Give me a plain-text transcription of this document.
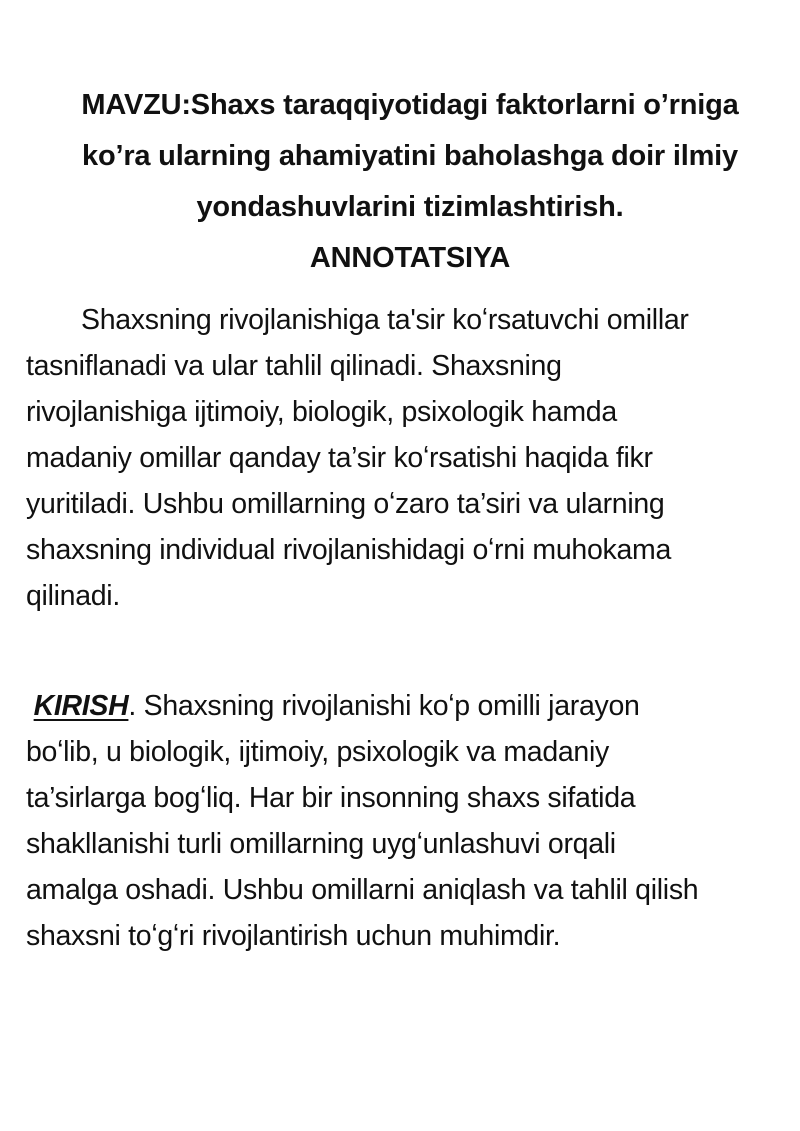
MAVZU:Shaxs taraqqiyotidagi faktorlarni o’rniga
ko’ra ularning ahamiyatini baholashga doir ilmiy
yondashuvlarini tizimlashtirish.
ANNOTATSIYA
Shaxsning rivojlanishiga ta'sir koʻrsatuvchi omillar
tasniflanadi va ular tahlil qilinadi. Shaxsning
rivojlanishiga ijtimoiy, biologik, psixologik hamda
madaniy omillar qanday ta’sir koʻrsatishi haqida fikr
yuritiladi. Ushbu omillarning oʻzaro ta’siri va ularning
shaxsning individual rivojlanishidagi oʻrni muhokama
qilinadi.
KIRISH. Shaxsning rivojlanishi koʻp omilli jarayon
boʻlib, u biologik, ijtimoiy, psixologik va madaniy
ta’sirlarga bogʻliq. Har bir insonning shaxs sifatida
shakllanishi turli omillarning uygʻunlashuvi orqali
amalga oshadi. Ushbu omillarni aniqlash va tahlil qilish
shaxsni toʻgʻri rivojlantirish uchun muhimdir.
